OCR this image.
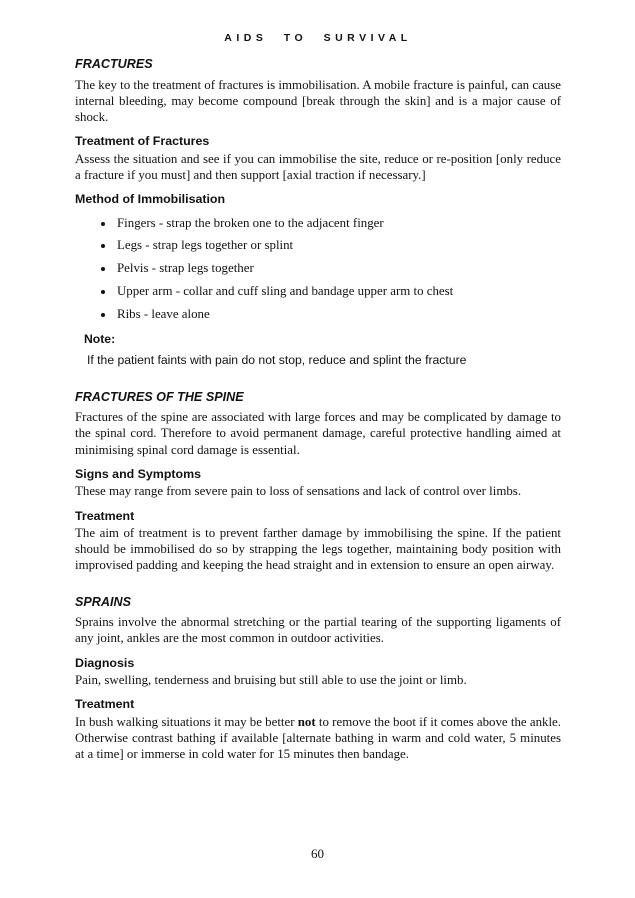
AIDS TO SURVIVAL
FRACTURES

The key to the treatment of fractures is immobilisation. A mobile fracture is painful, can cause internal bleeding, may become compound [break through the skin] and is a major cause of shock.

Treatment of Fractures

Assess the situation and see if you can immobilise the site, reduce or re-position [only reduce a fracture if you must] and then support [axial traction if necessary.]

Method of Immobilisation
• Fingers - strap the broken one to the adjacent finger
• Legs - strap legs together or splint
• Pelvis - strap legs together
• Upper arm - collar and cuff sling and bandage upper arm to chest
• Ribs - leave alone
Note:
If the patient faints with pain do not stop, reduce and splint the fracture
FRACTURES OF THE SPINE

Fractures of the spine are associated with large forces and may be complicated by damage to the spinal cord. Therefore to avoid permanent damage, careful protective handling aimed at minimising spinal cord damage is essential.

Signs and Symptoms

These may range from severe pain to loss of sensations and lack of control over limbs.

Treatment

The aim of treatment is to prevent farther damage by immobilising the spine. If the patient should be immobilised do so by strapping the legs together, maintaining body position with improvised padding and keeping the head straight and in extension to ensure an open airway.

SPRAINS

Sprains involve the abnormal stretching or the partial tearing of the supporting ligaments of any joint, ankles are the most common in outdoor activities.

Diagnosis

Pain, swelling, tenderness and bruising but still able to use the joint or limb.

Treatment

In bush walking situations it may be better not to remove the boot if it comes above the ankle. Otherwise contrast bathing if available [alternate bathing in warm and cold water, 5 minutes at a time] or immerse in cold water for 15 minutes then bandage.

60
